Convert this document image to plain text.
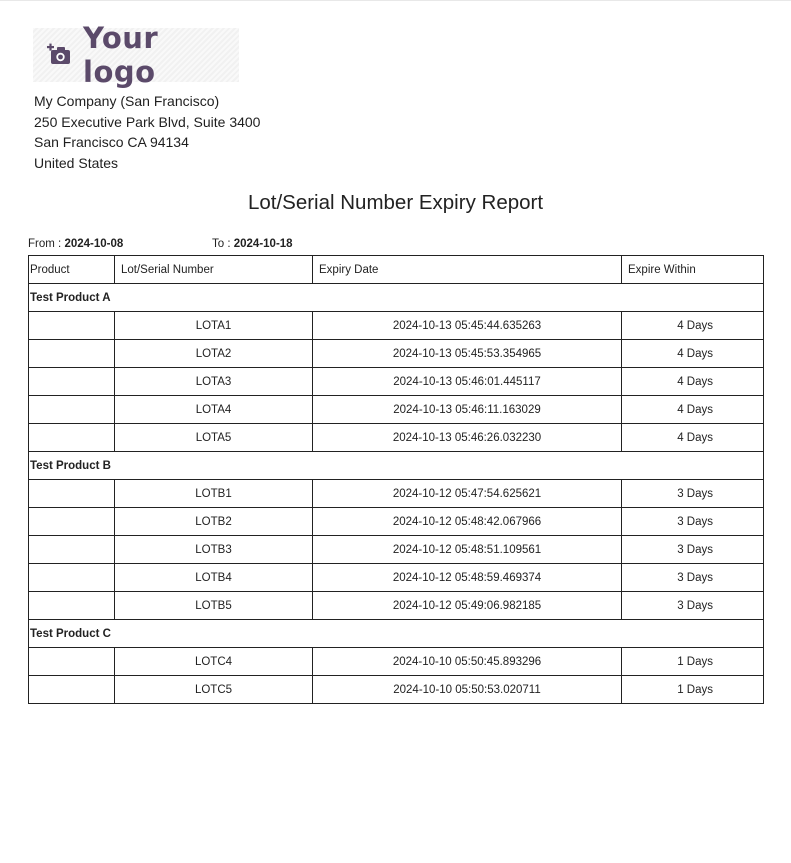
Your logo
My Company (San Francisco)
250 Executive Park Blvd, Suite 3400
San Francisco CA 94134
United States
Lot/Serial Number Expiry Report
From : 2024-10-08	To : 2024-10-18
Product	Lot/Serial Number	Expiry Date	Expire Within
Test Product A			
	LOTA1	2024-10-13 05:45:44.635263	4 Days
	LOTA2	2024-10-13 05:45:53.354965	4 Days
	LOTA3	2024-10-13 05:46:01.445117	4 Days
	LOTA4	2024-10-13 05:46:11.163029	4 Days
	LOTA5	2024-10-13 05:46:26.032230	4 Days
Test Product B			
	LOTB1	2024-10-12 05:47:54.625621	3 Days
	LOTB2	2024-10-12 05:48:42.067966	3 Days
	LOTB3	2024-10-12 05:48:51.109561	3 Days
	LOTB4	2024-10-12 05:48:59.469374	3 Days
	LOTB5	2024-10-12 05:49:06.982185	3 Days
Test Product C			
	LOTC4	2024-10-10 05:50:45.893296	1 Days
	LOTC5	2024-10-10 05:50:53.020711	1 Days
